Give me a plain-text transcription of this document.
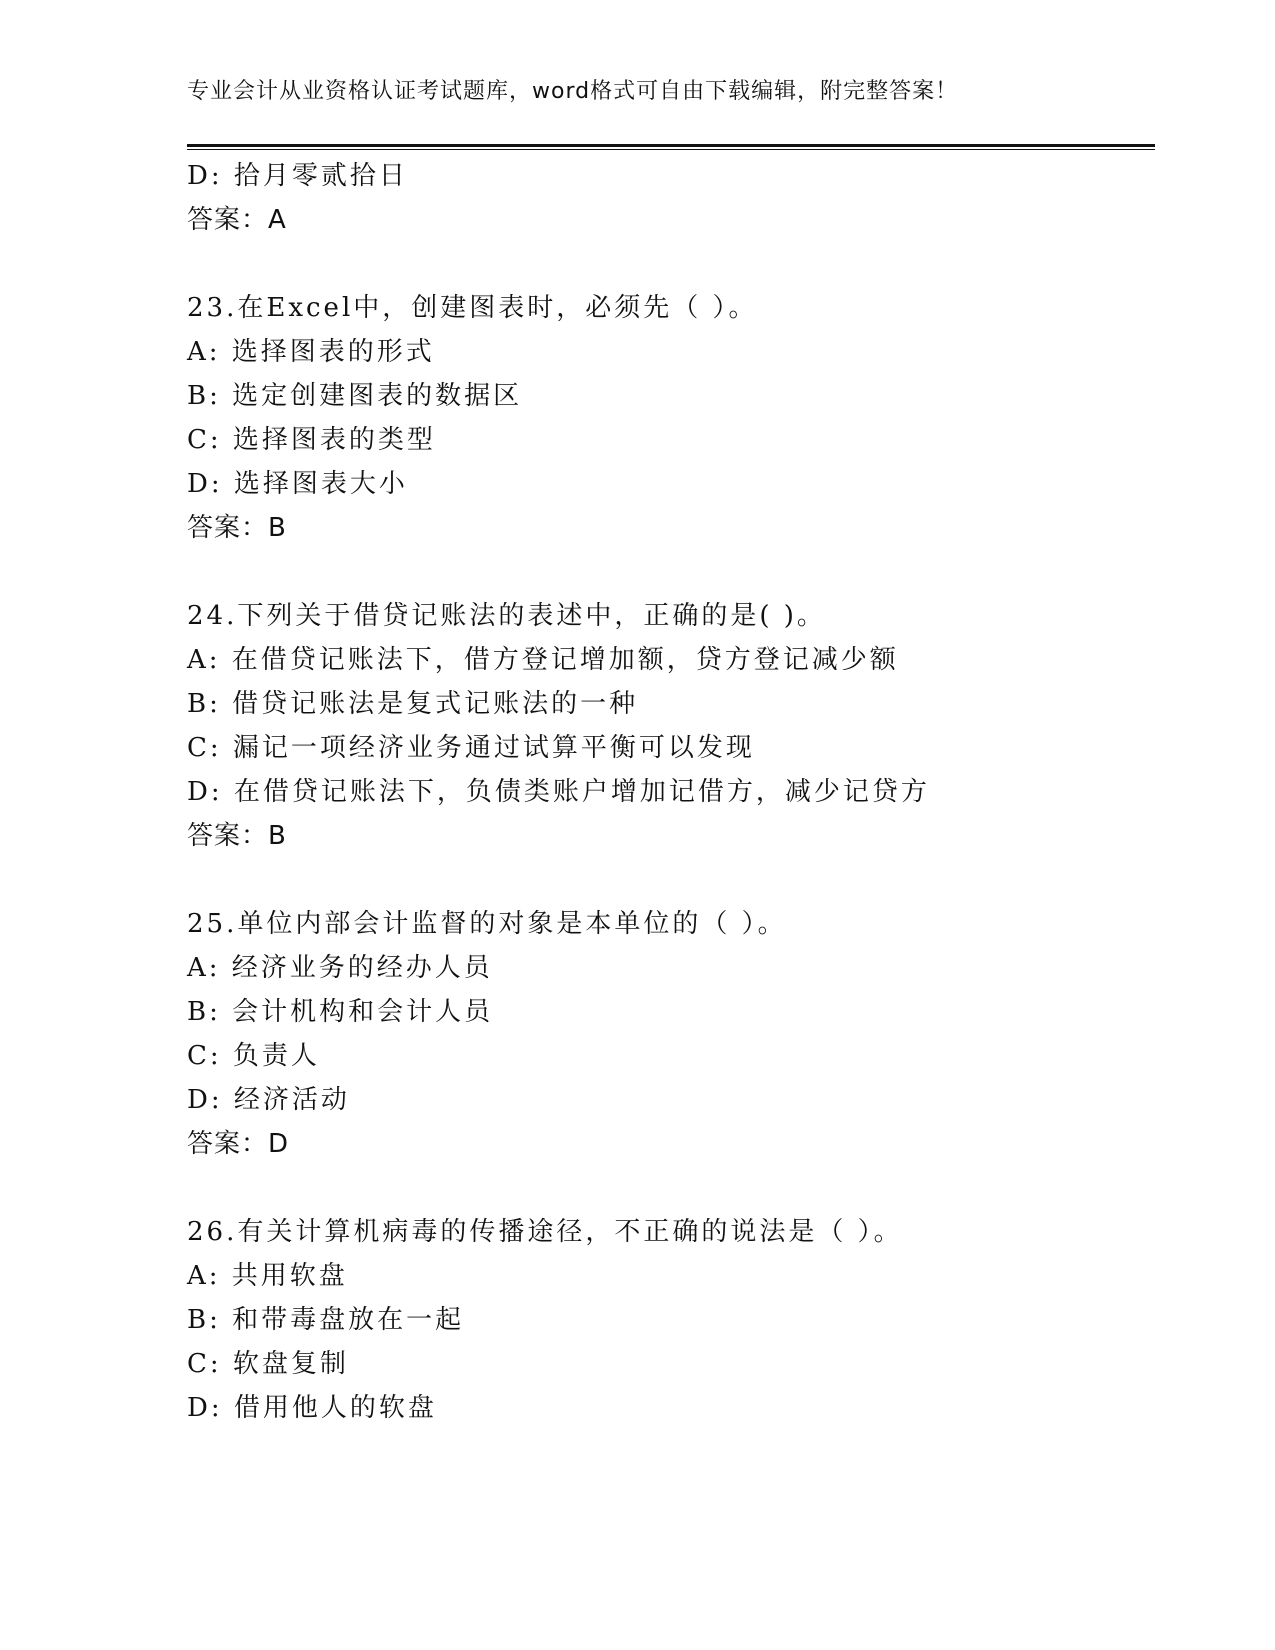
专业会计从业资格认证考试题库，word格式可自由下载编辑，附完整答案！
D: 拾月零贰拾日
答案：A
23.在Excel中，创建图表时，必须先（ ）。
A: 选择图表的形式
B: 选定创建图表的数据区
C: 选择图表的类型
D: 选择图表大小
答案：B
24.下列关于借贷记账法的表述中，正确的是( )。
A: 在借贷记账法下，借方登记增加额，贷方登记减少额
B: 借贷记账法是复式记账法的一种
C: 漏记一项经济业务通过试算平衡可以发现
D: 在借贷记账法下，负债类账户增加记借方，减少记贷方
答案：B
25.单位内部会计监督的对象是本单位的（ ）。
A: 经济业务的经办人员
B: 会计机构和会计人员
C: 负责人
D: 经济活动
答案：D
26.有关计算机病毒的传播途径，不正确的说法是（ ）。
A: 共用软盘
B: 和带毒盘放在一起
C: 软盘复制
D: 借用他人的软盘
